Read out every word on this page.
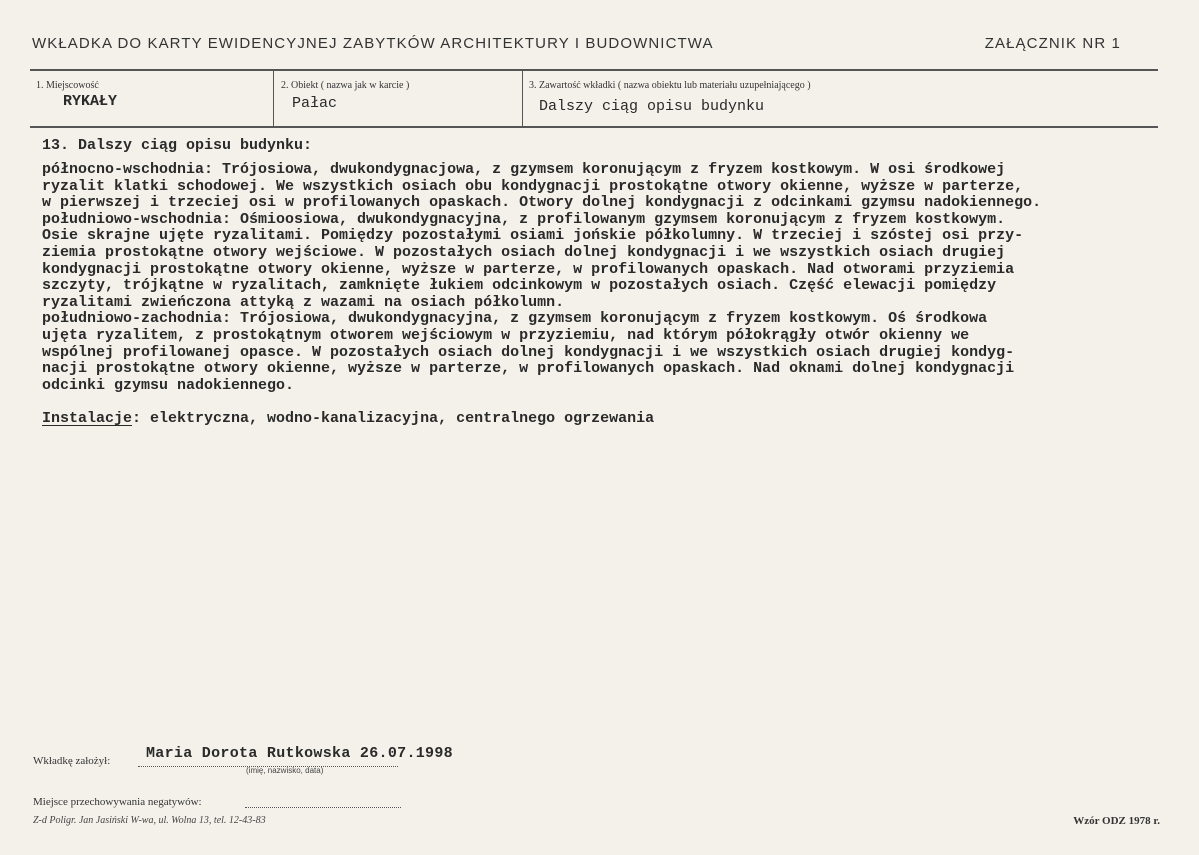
WKŁADKA DO KARTY EWIDENCYJNEJ ZABYTKÓW ARCHITEKTURY I BUDOWNICTWA	ZAŁĄCZNIK NR 1
1. Miejscowość
RYKAŁY
2. Obiekt ( nazwa jak w karcie )
Pałac
3. Zawartość wkładki ( nazwa obiektu lub materiału uzupełniającego )
Dalszy ciąg opisu budynku
13. Dalszy ciąg opisu budynku:
północno-wschodnia: Trójosiowa, dwukondygnacjowa, z gzymsem koronującym z fryzem kostkowym. W osi środkowej
ryzalit klatki schodowej. We wszystkich osiach obu kondygnacji prostokątne otwory okienne, wyższe w parterze,
w pierwszej i trzeciej osi w profilowanych opaskach. Otwory dolnej kondygnacji z odcinkami gzymsu nadokiennego.
południowo-wschodnia: Ośmioosiowa, dwukondygnacyjna, z profilowanym gzymsem koronującym z fryzem kostkowym.
Osie skrajne ujęte ryzalitami. Pomiędzy pozostałymi osiami jońskie półkolumny. W trzeciej i szóstej osi przy-
ziemia prostokątne otwory wejściowe. W pozostałych osiach dolnej kondygnacji i we wszystkich osiach drugiej
kondygnacji prostokątne otwory okienne, wyższe w parterze, w profilowanych opaskach. Nad otworami przyziemia
szczyty, trójkątne w ryzalitach, zamknięte łukiem odcinkowym w pozostałych osiach. Część elewacji pomiędzy
ryzalitami zwieńczona attyką z wazami na osiach półkolumn.
południowo-zachodnia: Trójosiowa, dwukondygnacyjna, z gzymsem koronującym z fryzem kostkowym. Oś środkowa
ujęta ryzalitem, z prostokątnym otworem wejściowym w przyziemiu, nad którym półokrągły otwór okienny we
wspólnej profilowanej opasce. W pozostałych osiach dolnej kondygnacji i we wszystkich osiach drugiej kondyg-
nacji prostokątne otwory okienne, wyższe w parterze, w profilowanych opaskach. Nad oknami dolnej kondygnacji
odcinki gzymsu nadokiennego.
Instalacje: elektryczna, wodno-kanalizacyjna, centralnego ogrzewania
Wkładkę założył: Maria Dorota Rutkowska 26.07.1998
(imię, nazwisko, data)
Miejsce przechowywania negatywów:
Z-d Poligr. Jan Jasiński W-wa, ul. Wolna 13, tel. 12-43-83	Wzór ODZ 1978 r.
